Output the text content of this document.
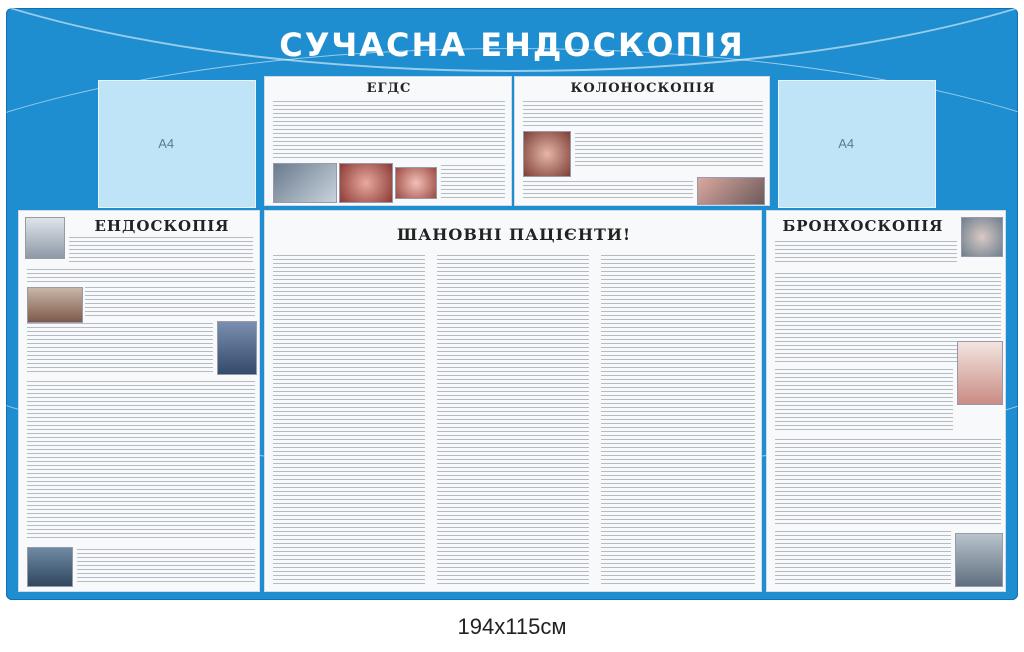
СУЧАСНА ЕНДОСКОПІЯ
А4	А4
ЕГДС	КОЛОНОСКОПІЯ
ЕНДОСКОПІЯ	ШАНОВНІ ПАЦІЄНТИ!	БРОНХОСКОПІЯ
194x115см
